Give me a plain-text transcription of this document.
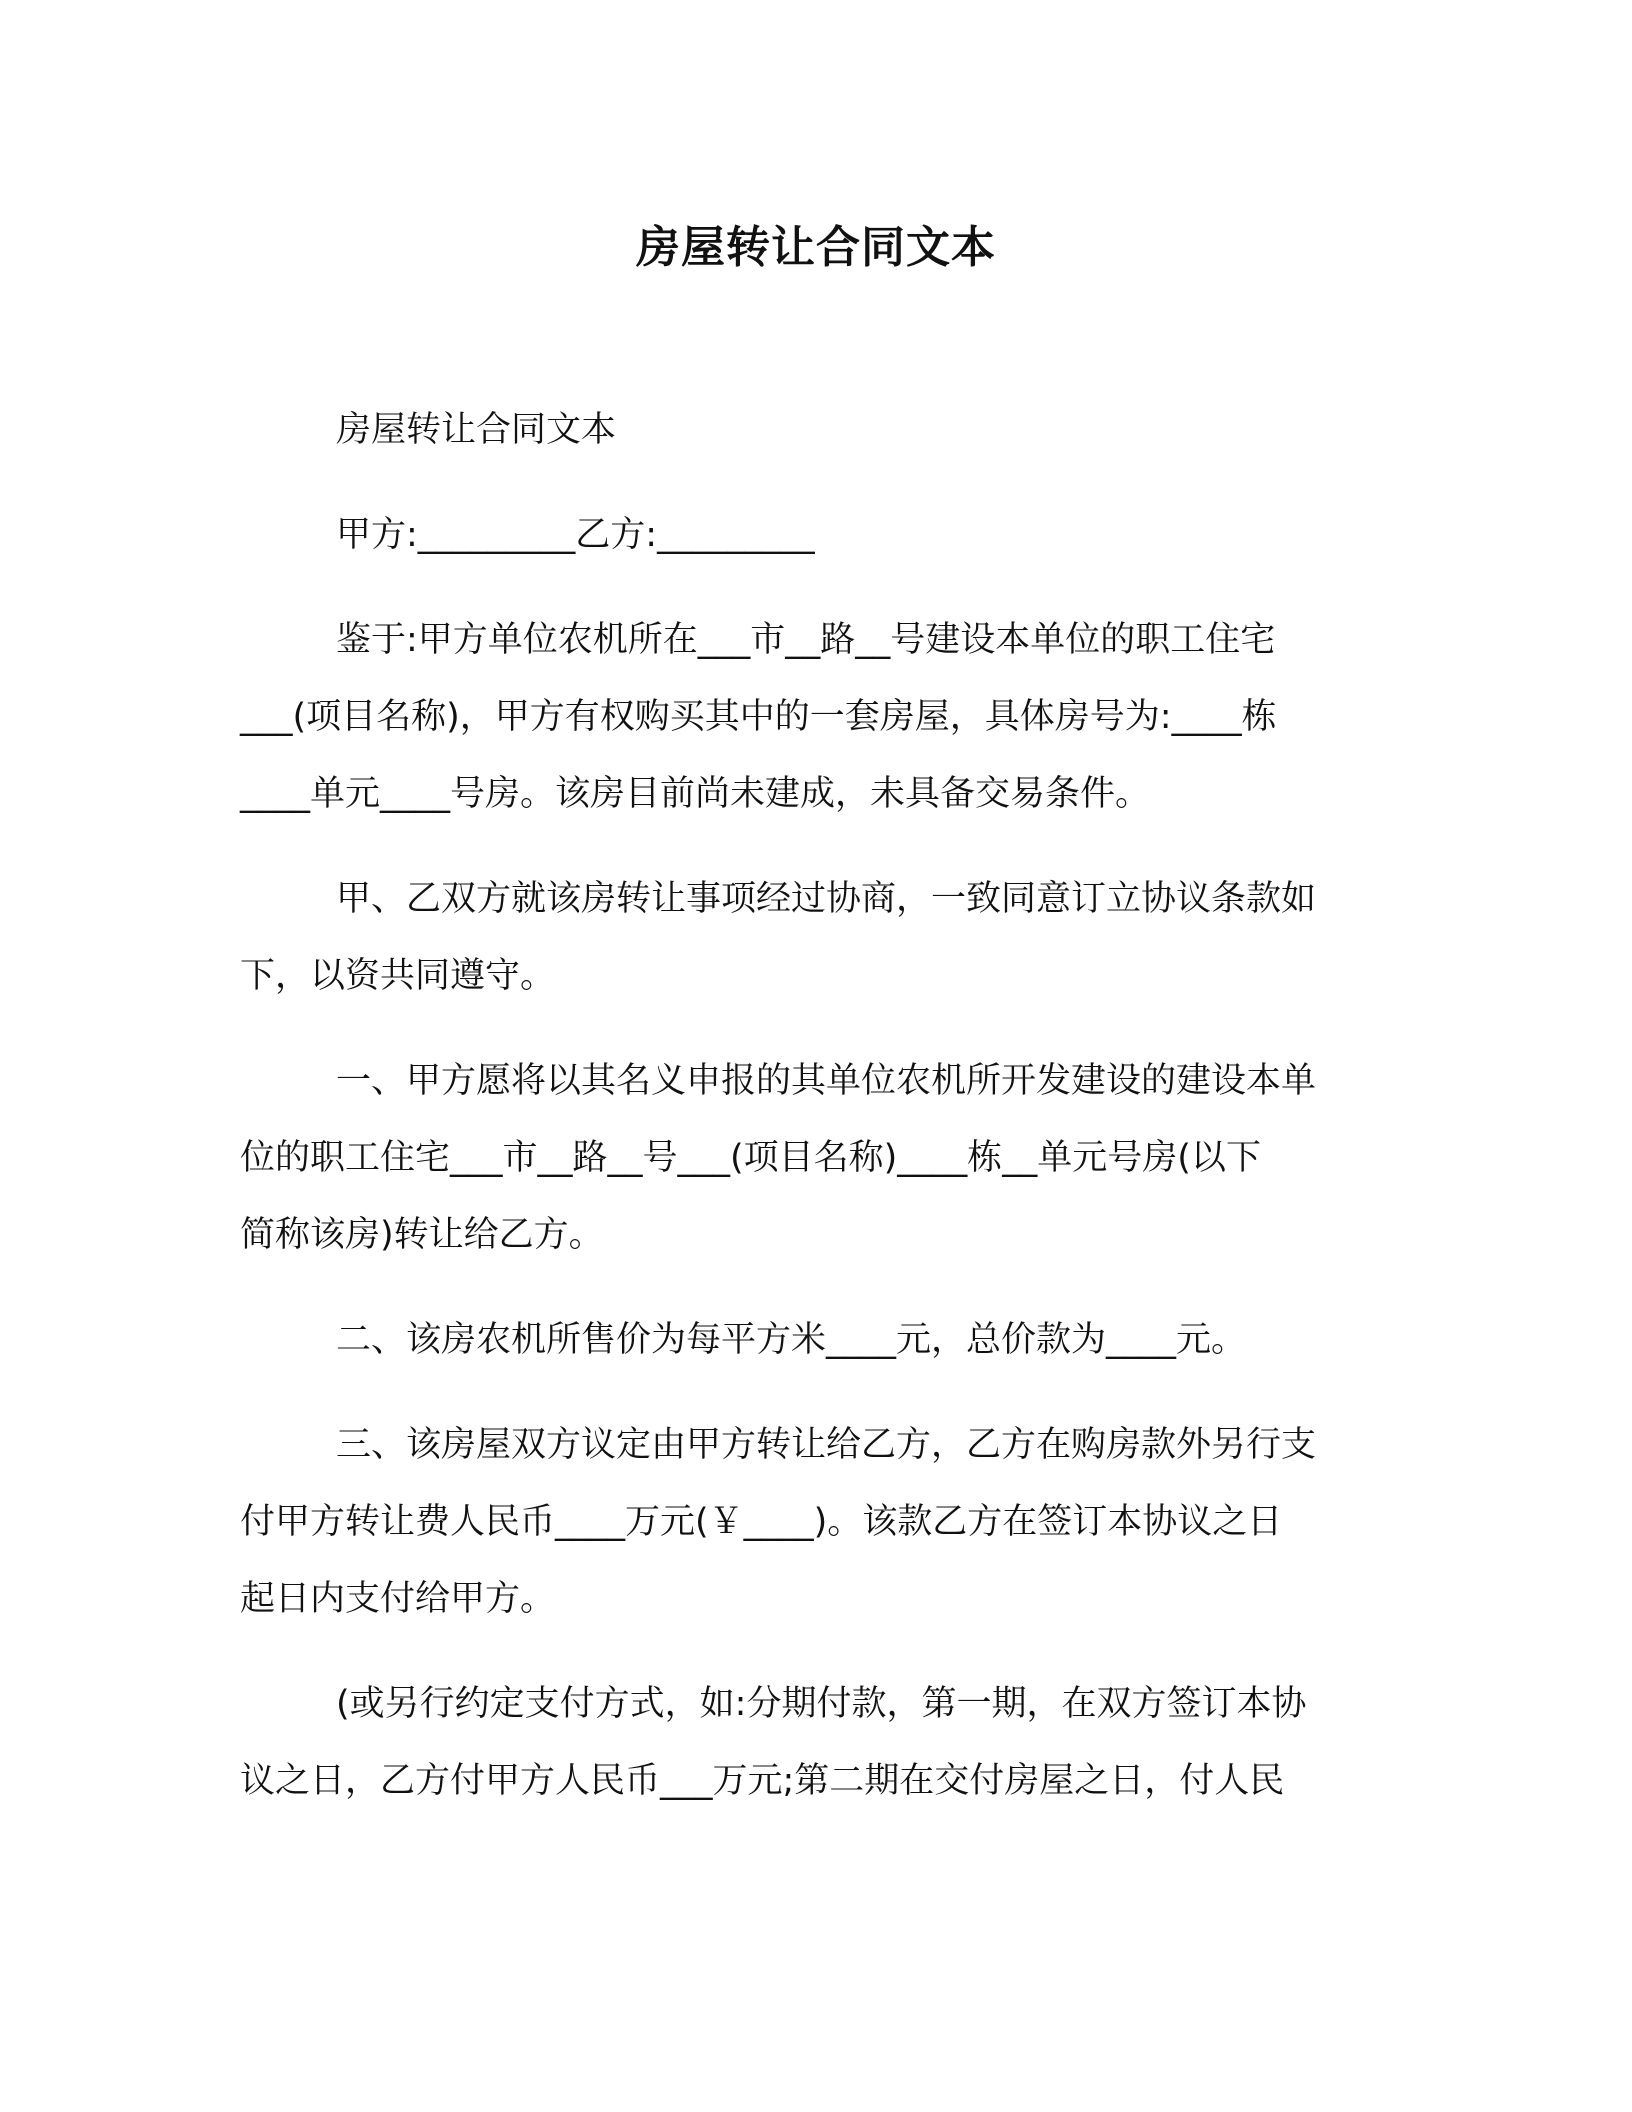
房屋转让合同文本

房屋转让合同文本

甲方:_________乙方:_________

鉴于:甲方单位农机所在___市__路__号建设本单位的职工住宅
___(项目名称)，甲方有权购买其中的一套房屋，具体房号为:____栋
____单元____号房。该房目前尚未建成，未具备交易条件。

甲、乙双方就该房转让事项经过协商，一致同意订立协议条款如
下，以资共同遵守。

一、甲方愿将以其名义申报的其单位农机所开发建设的建设本单
位的职工住宅___市__路__号___(项目名称)____栋__单元号房(以下
简称该房)转让给乙方。

二、该房农机所售价为每平方米____元，总价款为____元。

三、该房屋双方议定由甲方转让给乙方，乙方在购房款外另行支
付甲方转让费人民币____万元(￥____)。该款乙方在签订本协议之日
起日内支付给甲方。

(或另行约定支付方式，如:分期付款，第一期，在双方签订本协
议之日，乙方付甲方人民币___万元;第二期在交付房屋之日，付人民
